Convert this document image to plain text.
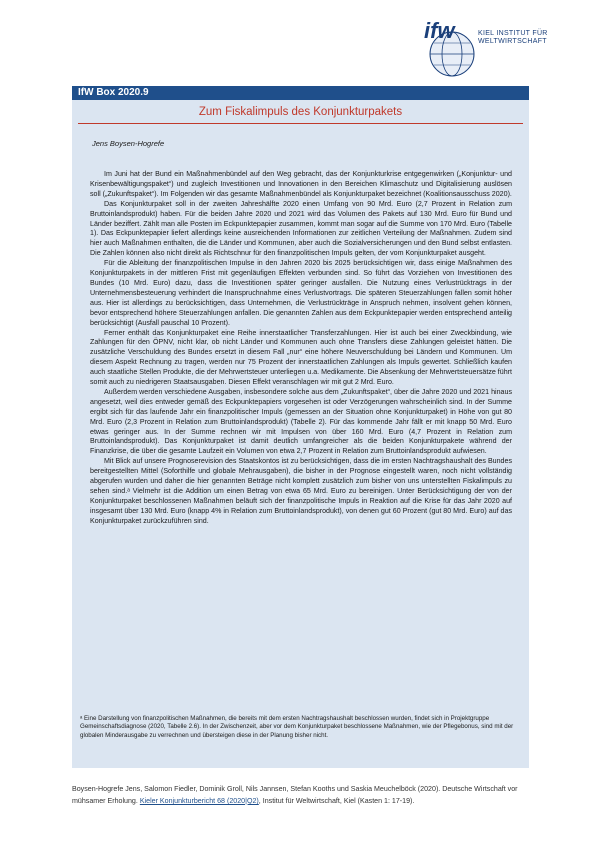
ifw	KIEL INSTITUT FÜR
WELTWIRTSCHAFT
IfW Box 2020.9
Zum Fiskalimpuls des Konjunkturpakets
Jens Boysen-Hogrefe

Im Juni hat der Bund ein Maßnahmenbündel auf den Weg gebracht, das der Konjunkturkrise entgegenwirken („Konjunktur- und Krisenbewältigungspaket“) und zugleich Investitionen und Innovationen in den Bereichen Klimaschutz und Digitalisierung auslösen soll („Zukunftspaket“). Im Folgenden wir das gesamte Maßnahmenbündel als Konjunkturpaket bezeichnet (Koalitionsausschuss 2020).

Das Konjunkturpaket soll in der zweiten Jahreshälfte 2020 einen Umfang von 90 Mrd. Euro (2,7 Prozent in Relation zum Bruttoinlandsprodukt) haben. Für die beiden Jahre 2020 und 2021 wird das Volumen des Pakets auf 130 Mrd. Euro für Bund und Länder beziffert. Zählt man alle Posten im Eckpunktepapier zusammen, kommt man sogar auf die Summe von 170 Mrd. Euro (Tabelle 1). Das Eckpunktepapier liefert allerdings keine ausreichenden Informationen zur zeitlichen Verteilung der Maßnahmen. Zudem sind hier auch Maßnahmen enthalten, die die Länder und Kommunen, aber auch die Sozialversicherungen und den Bund selbst entlasten. Die Zahlen können also nicht direkt als Richtschnur für den finanzpolitischen Impuls gelten, der vom Konjunkturpaket ausgeht.

Für die Ableitung der finanzpolitischen Impulse in den Jahren 2020 bis 2025 berücksichtigen wir, dass einige Maßnahmen des Konjunkturpakets in der mittleren Frist mit gegenläufigen Effekten verbunden sind. So führt das Vorziehen von Investitionen des Bundes (10 Mrd. Euro) dazu, dass die Investitionen später geringer ausfallen. Die Nutzung eines Verlustrücktrags in der Unternehmensbesteuerung verhindert die Inanspruchnahme eines Verlustvortrags. Die späteren Steuerzahlungen fallen somit höher aus. Hier ist allerdings zu berücksichtigen, dass Unternehmen, die Verlustrückträge in Anspruch nehmen, insolvent gehen können, bevor entsprechend höhere Steuerzahlungen anfallen. Die genannten Zahlen aus dem Eckpunktepapier werden entsprechend anteilig berücksichtigt (Ausfall pauschal 10 Prozent).

Ferner enthält das Konjunkturpaket eine Reihe innerstaatlicher Transferzahlungen. Hier ist auch bei einer Zweckbindung, wie Zahlungen für den ÖPNV, nicht klar, ob nicht Länder und Kommunen auch ohne Transfers diese Zahlungen geleistet hätten. Die zusätzliche Verschuldung des Bundes ersetzt in diesem Fall „nur“ eine höhere Neuverschuldung bei Ländern und Kommunen. Um diesem Aspekt Rechnung zu tragen, werden nur 75 Prozent der innerstaatlichen Zahlungen als Impuls gewertet. Schließlich kaufen auch staatliche Stellen Produkte, die der Mehrwertsteuer unterliegen u.a. Medikamente. Die Absenkung der Mehrwertsteuersätze führt somit auch zu niedrigeren Staatsausgaben. Diesen Effekt veranschlagen wir mit gut 2 Mrd. Euro.

Außerdem werden verschiedene Ausgaben, insbesondere solche aus dem „Zukunftspaket“, über die Jahre 2020 und 2021 hinaus angesetzt, weil dies entweder gemäß des Eckpunktepapiers vorgesehen ist oder Verzögerungen wahrscheinlich sind. In der Summe ergibt sich für das laufende Jahr ein finanzpolitischer Impuls (gemessen an der Situation ohne Konjunkturpaket) in Höhe von gut 80 Mrd. Euro (2,3 Prozent in Relation zum Bruttoinlandsprodukt) (Tabelle 2). Für das kommende Jahr fällt er mit knapp 50 Mrd. Euro etwas geringer aus. In der Summe rechnen wir mit Impulsen von über 160 Mrd. Euro (4,7 Prozent in Relation zum Bruttoinlandsprodukt). Das Konjunkturpaket ist damit deutlich umfangreicher als die beiden Konjunkturpakete während der Finanzkrise, die über die gesamte Laufzeit ein Volumen von etwa 2,7 Prozent in Relation zum Bruttoinlandsprodukt aufwiesen.

Mit Blick auf unsere Prognoserevision des Staatskontos ist zu berücksichtigen, dass die im ersten Nachtragshaushalt des Bundes bereitgestellten Mittel (Soforthilfe und globale Mehrausgaben), die bisher in der Prognose eingestellt waren, noch nicht vollständig abgerufen wurden und daher die hier genannten Beträge nicht komplett zusätzlich zum bisher von uns unterstellten Fiskalimpuls zu sehen sind.ᵃ Vielmehr ist die Addition um einen Betrag von etwa 65 Mrd. Euro zu bereinigen. Unter Berücksichtigung der von der Konjunkturpaket beschlossenen Maßnahmen beläuft sich der finanzpolitische Impuls in Reaktion auf die Krise für das Jahr 2020 auf insgesamt über 130 Mrd. Euro (knapp 4% in Relation zum Bruttoinlandsprodukt), von denen gut 60 Prozent (gut 80 Mrd. Euro) auf das Konjunkturpaket zurückzuführen sind.

ᵃ Eine Darstellung von finanzpolitischen Maßnahmen, die bereits mit dem ersten Nachtragshaushalt beschlossen wurden, findet sich in Projektgruppe Gemeinschaftsdiagnose (2020, Tabelle 2.6). In der Zwischenzeit, aber vor dem Konjunkturpaket beschlossene Maßnahmen, wie der Pflegebonus, sind mit der globalen Minderausgabe zu verrechnen und übersteigen diese in der Planung bisher nicht.
Boysen-Hogrefe Jens, Salomon Fiedler, Dominik Groll, Nils Jannsen, Stefan Kooths und Saskia Meuchelböck (2020). Deutsche Wirtschaft vor mühsamer Erholung. Kieler Konjunkturbericht 68 (2020|Q2), Institut für Weltwirtschaft, Kiel (Kasten 1: 17-19).
